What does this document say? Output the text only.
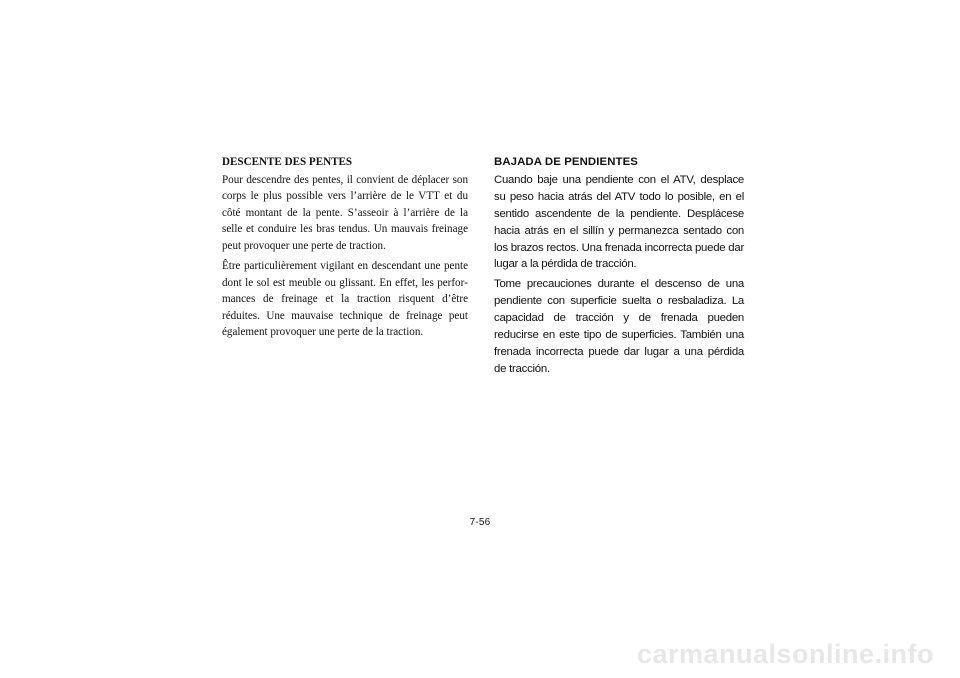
DESCENTE DES PENTES

Pour descendre des pentes, il convient de déplacer son corps le plus possible vers l’arrière de le VTT et du côté montant de la pente. S’asseoir à l’arrière de la selle et conduire les bras tendus. Un mauvais freinage peut provoquer une perte de traction.

Être particulièrement vigilant en descendant une pente dont le sol est meuble ou glissant. En effet, les performances de freinage et la traction risquent d’être réduites. Une mauvaise technique de freinage peut également provoquer une perte de la traction.

BAJADA DE PENDIENTES

Cuando baje una pendiente con el ATV, desplace su peso hacia atrás del ATV todo lo posible, en el sentido ascendente de la pendiente. Desplácese hacia atrás en el sillín y permanezca sentado con los brazos rectos. Una frenada incorrecta puede dar lugar a la pérdida de tracción.

Tome precauciones durante el descenso de una pendiente con superficie suelta o resbaladiza. La capacidad de tracción y de frenada pueden reducirse en este tipo de superficies. También una frenada incorrecta puede dar lugar a una pérdida de tracción.

7-56
carmanualsonline.info
